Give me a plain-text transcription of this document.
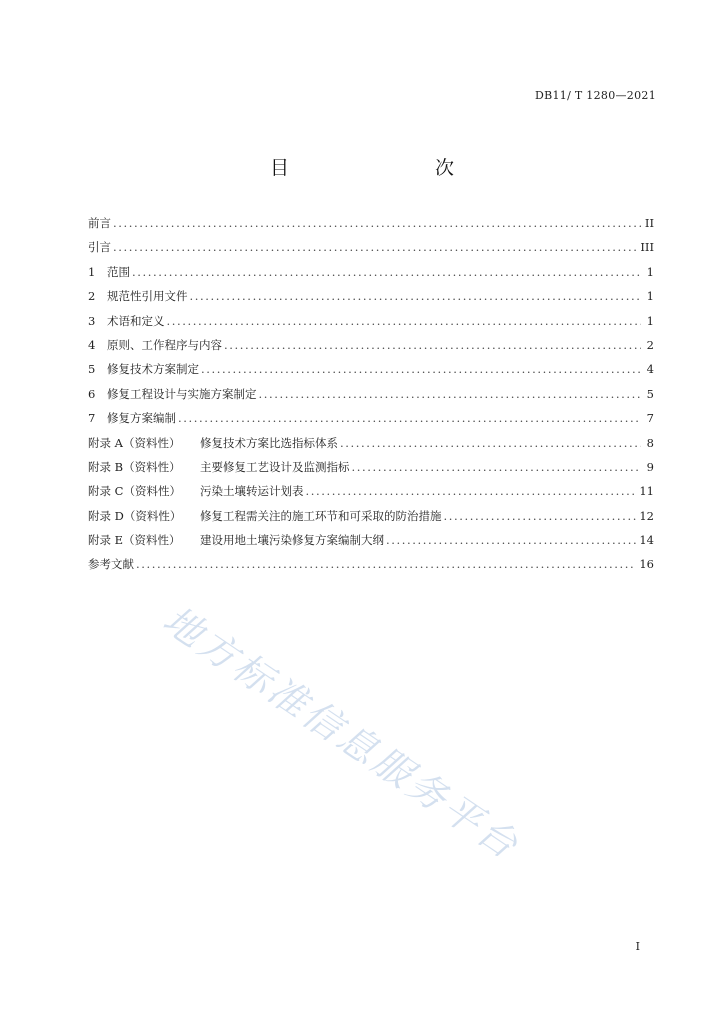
DB11/ T 1280—2021
目　　次
前言 .....	II
引言 .....	III
1	范围 .....	1
2	规范性引用文件 .....	1
3	术语和定义 .....	1
4	原则、工作程序与内容 .....	2
5	修复技术方案制定 .....	4
6	修复工程设计与实施方案制定 .....	5
7	修复方案编制 .....	7
附录 A（资料性）	修复技术方案比选指标体系 .....	8
附录 B（资料性）	主要修复工艺设计及监测指标 .....	9
附录 C（资料性）	污染土壤转运计划表 .....	11
附录 D（资料性）	修复工程需关注的施工环节和可采取的防治措施 .....	12
附录 E（资料性）	建设用地土壤污染修复方案编制大纲 .....	14
参考文献 .....	16
地方标准信息服务平台
I
